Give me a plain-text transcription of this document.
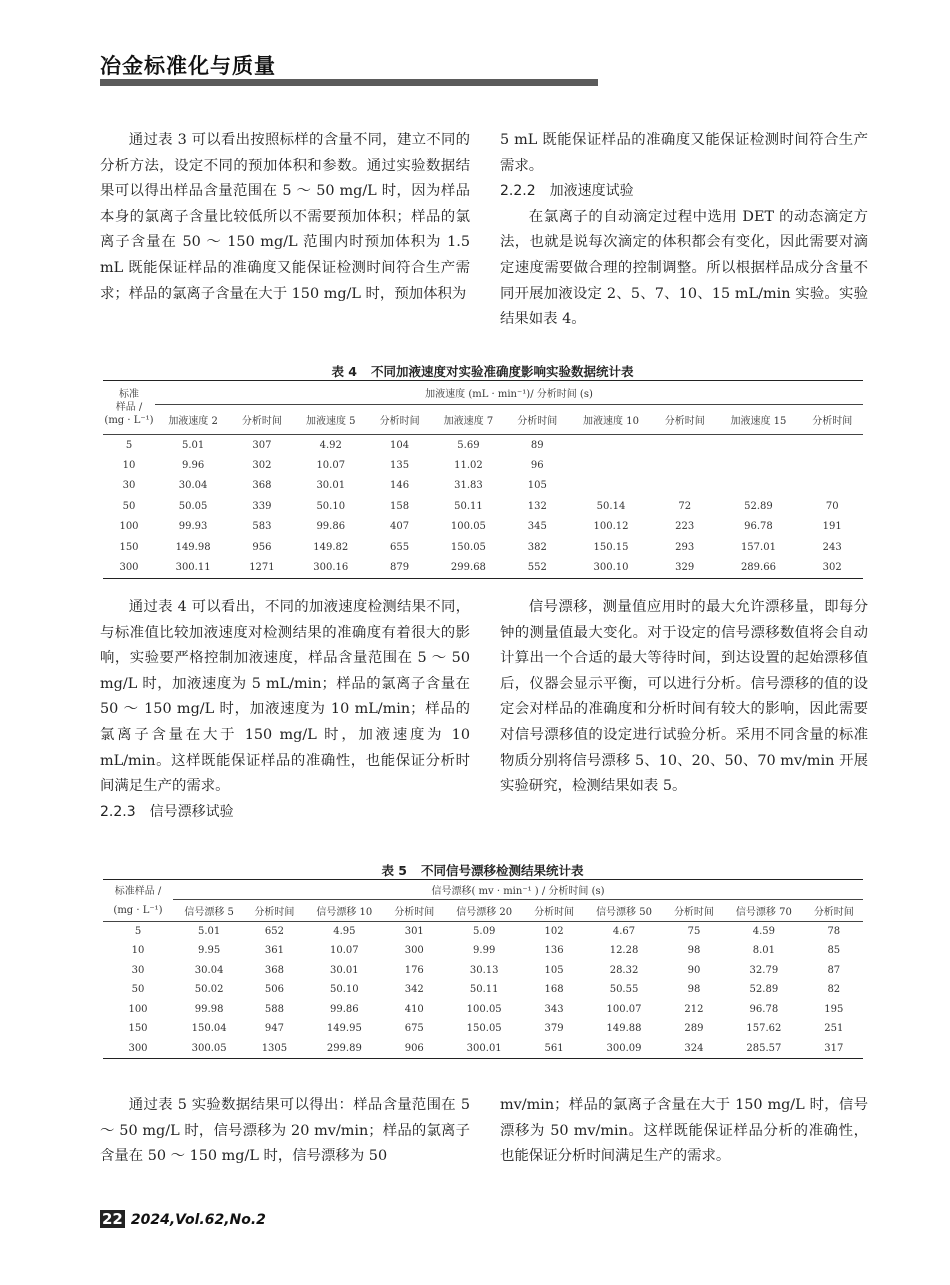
冶金标准化与质量

通过表 3 可以看出按照标样的含量不同，建立不同的分析方法，设定不同的预加体积和参数。通过实验数据结果可以得出样品含量范围在 5 ～ 50 mg/L 时，因为样品本身的氯离子含量比较低所以不需要预加体积；样品的氯离子含量在 50 ～ 150 mg/L 范围内时预加体积为 1.5 mL 既能保证样品的准确度又能保证检测时间符合生产需求；样品的氯离子含量在大于 150 mg/L 时，预加体积为

5 mL 既能保证样品的准确度又能保证检测时间符合生产需求。

2.2.2 加液速度试验

在氯离子的自动滴定过程中选用 DET 的动态滴定方法，也就是说每次滴定的体积都会有变化，因此需要对滴定速度需要做合理的控制调整。所以根据样品成分含量不同开展加液设定 2、5、7、10、15 mL/min 实验。实验结果如表 4。

表 4 不同加液速度对实验准确度影响实验数据统计表
标准
样品 /
(mg · L⁻¹)	加液速度 (mL · min⁻¹)/ 分析时间 (s)									
	加液速度 2	分析时间	加液速度 5	分析时间	加液速度 7	分析时间	加液速度 10	分析时间	加液速度 15	分析时间
5	5.01	307	4.92	104	5.69	89				
10	9.96	302	10.07	135	11.02	96				
30	30.04	368	30.01	146	31.83	105				
50	50.05	339	50.10	158	50.11	132	50.14	72	52.89	70
100	99.93	583	99.86	407	100.05	345	100.12	223	96.78	191
150	149.98	956	149.82	655	150.05	382	150.15	293	157.01	243
300	300.11	1271	300.16	879	299.68	552	300.10	329	289.66	302

通过表 4 可以看出，不同的加液速度检测结果不同，与标准值比较加液速度对检测结果的准确度有着很大的影响，实验要严格控制加液速度，样品含量范围在 5 ～ 50 mg/L 时，加液速度为 5 mL/min；样品的氯离子含量在 50 ～ 150 mg/L 时，加液速度为 10 mL/min；样品的氯离子含量在大于 150 mg/L 时，加液速度为 10 mL/min。这样既能保证样品的准确性，也能保证分析时间满足生产的需求。

2.2.3 信号漂移试验

信号漂移，测量值应用时的最大允许漂移量，即每分钟的测量值最大变化。对于设定的信号漂移数值将会自动计算出一个合适的最大等待时间，到达设置的起始漂移值后，仪器会显示平衡，可以进行分析。信号漂移的值的设定会对样品的准确度和分析时间有较大的影响，因此需要对信号漂移值的设定进行试验分析。采用不同含量的标准物质分别将信号漂移 5、10、20、50、70 mv/min 开展实验研究，检测结果如表 5。

表 5 不同信号漂移检测结果统计表
标准样品 /	信号漂移( mv · min⁻¹ ) / 分析时间 (s)									
(mg · L⁻¹)	信号漂移 5	分析时间	信号漂移 10	分析时间	信号漂移 20	分析时间	信号漂移 50	分析时间	信号漂移 70	分析时间
5	5.01	652	4.95	301	5.09	102	4.67	75	4.59	78
10	9.95	361	10.07	300	9.99	136	12.28	98	8.01	85
30	30.04	368	30.01	176	30.13	105	28.32	90	32.79	87
50	50.02	506	50.10	342	50.11	168	50.55	98	52.89	82
100	99.98	588	99.86	410	100.05	343	100.07	212	96.78	195
150	150.04	947	149.95	675	150.05	379	149.88	289	157.62	251
300	300.05	1305	299.89	906	300.01	561	300.09	324	285.57	317

通过表 5 实验数据结果可以得出：样品含量范围在 5 ～ 50 mg/L 时，信号漂移为 20 mv/min；样品的氯离子含量在 50 ～ 150 mg/L 时，信号漂移为 50

mv/min；样品的氯离子含量在大于 150 mg/L 时，信号漂移为 50 mv/min。这样既能保证样品分析的准确性，也能保证分析时间满足生产的需求。

22 2024,Vol.62,No.2
